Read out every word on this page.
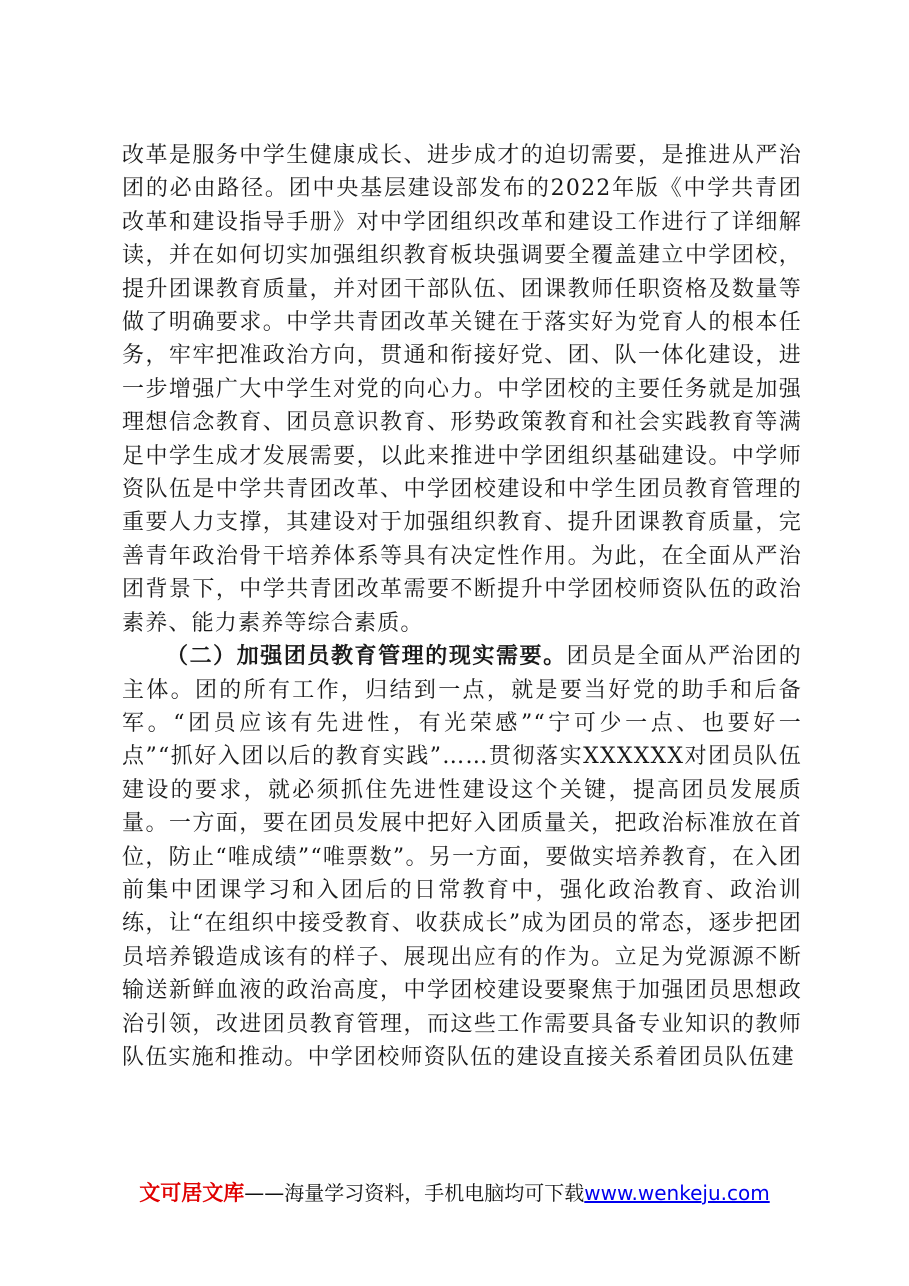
改革是服务中学生健康成长、进步成才的迫切需要，是推进从严治团的必由路径。团中央基层建设部发布的2022年版《中学共青团改革和建设指导手册》对中学团组织改革和建设工作进行了详细解读，并在如何切实加强组织教育板块强调要全覆盖建立中学团校，提升团课教育质量，并对团干部队伍、团课教师任职资格及数量等做了明确要求。中学共青团改革关键在于落实好为党育人的根本任务，牢牢把准政治方向，贯通和衔接好党、团、队一体化建设，进一步增强广大中学生对党的向心力。中学团校的主要任务就是加强理想信念教育、团员意识教育、形势政策教育和社会实践教育等满足中学生成才发展需要，以此来推进中学团组织基础建设。中学师资队伍是中学共青团改革、中学团校建设和中学生团员教育管理的重要人力支撑，其建设对于加强组织教育、提升团课教育质量，完善青年政治骨干培养体系等具有决定性作用。为此，在全面从严治团背景下，中学共青团改革需要不断提升中学团校师资队伍的政治素养、能力素养等综合素质。

（二）加强团员教育管理的现实需要。团员是全面从严治团的主体。团的所有工作，归结到一点，就是要当好党的助手和后备军。“团员应该有先进性，有光荣感”“宁可少一点、也要好一点”“抓好入团以后的教育实践”……贯彻落实XXXXXX对团员队伍建设的要求，就必须抓住先进性建设这个关键，提高团员发展质量。一方面，要在团员发展中把好入团质量关，把政治标准放在首位，防止“唯成绩”“唯票数”。另一方面，要做实培养教育，在入团前集中团课学习和入团后的日常教育中，强化政治教育、政治训练，让“在组织中接受教育、收获成长”成为团员的常态，逐步把团员培养锻造成该有的样子、展现出应有的作为。立足为党源源不断输送新鲜血液的政治高度，中学团校建设要聚焦于加强团员思想政治引领，改进团员教育管理，而这些工作需要具备专业知识的教师队伍实施和推动。中学团校师资队伍的建设直接关系着团员队伍建

文可居文库——海量学习资料，手机电脑均可下载www.wenkeju.com
